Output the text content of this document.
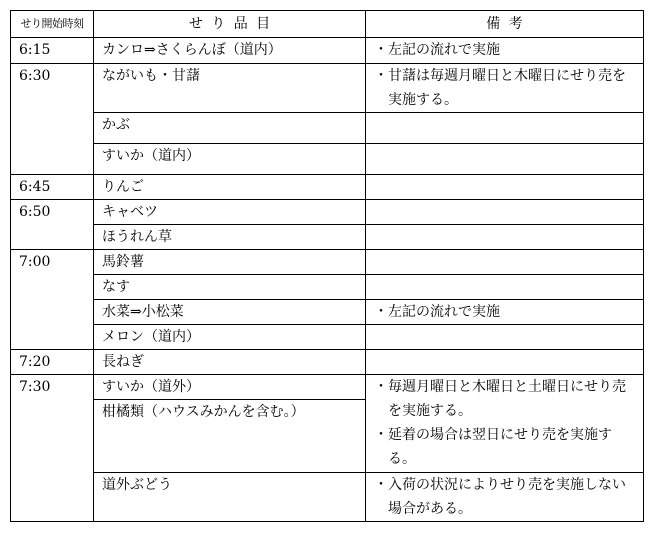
せり開始時刻	せり品目	備考
6:15	カンロ⇒さくらんぼ（道内）	・ 左記の流れで実施

6:30	ながいも・甘藷	・ 甘藷は毎週月曜日と木曜日にせり売を実施する。

	かぶ	
	すいか（道内）	
6:45	りんご	
6:50	キャベツ	
	ほうれん草	
7:00	馬鈴薯	
	なす	
	水菜⇒小松菜	・ 左記の流れで実施

	メロン（道内）	
7:20	長ねぎ	
7:30	すいか（道外）	・ 毎週月曜日と木曜日と土曜日にせり売を実施する。
・ 延着の場合は翌日にせり売を実施する。

	柑橘類（ハウスみかんを含む。）	
	道外ぶどう	・ 入荷の状況によりせり売を実施しない場合がある。
